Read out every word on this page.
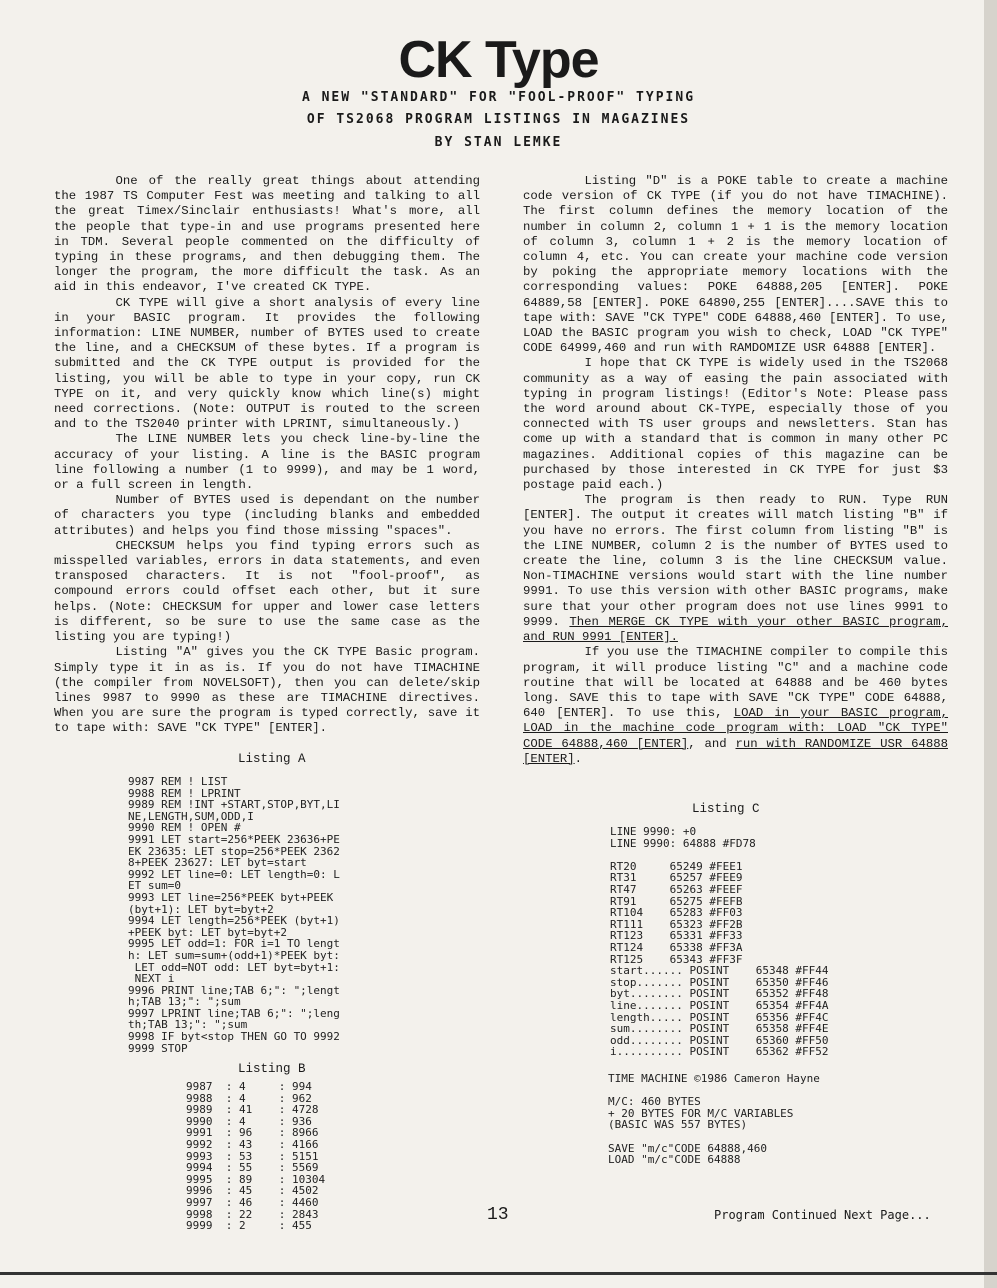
CK Type

A NEW "STANDARD" FOR "FOOL-PROOF" TYPING

OF TS2068 PROGRAM LISTINGS IN MAGAZINES

BY STAN LEMKE

One of the really great things about attending the 1987 TS Computer Fest was meeting and talking to all the great Timex/Sinclair enthusiasts! What's more, all the people that type-in and use programs presented here in TDM. Several people commented on the difficulty of typing in these programs, and then debugging them. The longer the program, the more difficult the task. As an aid in this endeavor, I've created CK TYPE.

CK TYPE will give a short analysis of every line in your BASIC program. It provides the following information: LINE NUMBER, number of BYTES used to create the line, and a CHECKSUM of these bytes. If a program is submitted and the CK TYPE output is provided for the listing, you will be able to type in your copy, run CK TYPE on it, and very quickly know which line(s) might need corrections. (Note: OUTPUT is routed to the screen and to the TS2040 printer with LPRINT, simultaneously.)

The LINE NUMBER lets you check line-by-line the accuracy of your listing. A line is the BASIC program line following a number (1 to 9999), and may be 1 word, or a full screen in length.

Number of BYTES used is dependant on the number of characters you type (including blanks and embedded attributes) and helps you find those missing "spaces".

CHECKSUM helps you find typing errors such as misspelled variables, errors in data statements, and even transposed characters. It is not "fool-proof", as compound errors could offset each other, but it sure helps. (Note: CHECKSUM for upper and lower case letters is different, so be sure to use the same case as the listing you are typing!)

Listing "A" gives you the CK TYPE Basic program. Simply type it in as is. If you do not have TIMACHINE (the compiler from NOVELSOFT), then you can delete/skip lines 9987 to 9990 as these are TIMACHINE directives. When you are sure the program is typed correctly, save it to tape with: SAVE "CK TYPE" [ENTER].

Listing "D" is a POKE table to create a machine code version of CK TYPE (if you do not have TIMACHINE). The first column defines the memory location of the number in column 2, column 1 + 1 is the memory location of column 3, column 1 + 2 is the memory location of column 4, etc. You can create your machine code version by poking the appropriate memory locations with the corresponding values: POKE 64888,205 [ENTER]. POKE 64889,58 [ENTER]. POKE 64890,255 [ENTER]....SAVE this to tape with: SAVE "CK TYPE" CODE 64888,460 [ENTER]. To use, LOAD the BASIC program you wish to check, LOAD "CK TYPE" CODE 64999,460 and run with RAMDOMIZE USR 64888 [ENTER].

I hope that CK TYPE is widely used in the TS2068 community as a way of easing the pain associated with typing in program listings! (Editor's Note: Please pass the word around about CK-TYPE, especially those of you connected with TS user groups and newsletters. Stan has come up with a standard that is common in many other PC magazines. Additional copies of this magazine can be purchased by those interested in CK TYPE for just $3 postage paid each.)

The program is then ready to RUN. Type RUN [ENTER]. The output it creates will match listing "B" if you have no errors. The first column from listing "B" is the LINE NUMBER, column 2 is the number of BYTES used to create the line, column 3 is the line CHECKSUM value. Non-TIMACHINE versions would start with the line number 9991. To use this version with other BASIC programs, make sure that your other program does not use lines 9991 to 9999. Then MERGE CK TYPE with your other BASIC program, and RUN 9991 [ENTER].

If you use the TIMACHINE compiler to compile this program, it will produce listing "C" and a machine code routine that will be located at 64888 and be 460 bytes long. SAVE this to tape with SAVE "CK TYPE" CODE 64888, 640 [ENTER]. To use this, LOAD in your BASIC program, LOAD in the machine code program with: LOAD "CK TYPE" CODE 64888,460 [ENTER], and run with RANDOMIZE USR 64888 [ENTER].

Listing A

9987 REM ! LIST
9988 REM ! LPRINT
9989 REM !INT +START,STOP,BYT,LI
NE,LENGTH,SUM,ODD,I
9990 REM ! OPEN #
9991 LET start=256*PEEK 23636+PE
EK 23635: LET stop=256*PEEK 2362
8+PEEK 23627: LET byt=start
9992 LET line=0: LET length=0: L
ET sum=0
9993 LET line=256*PEEK byt+PEEK
(byt+1): LET byt=byt+2
9994 LET length=256*PEEK (byt+1)
+PEEK byt: LET byt=byt+2
9995 LET odd=1: FOR i=1 TO lengt
h: LET sum=sum+(odd+1)*PEEK byt:
LET odd=NOT odd: LET byt=byt+1:
NEXT i
9996 PRINT line;TAB 6;": ";lengt
h;TAB 13;": ";sum
9997 LPRINT line;TAB 6;": ";leng
th;TAB 13;": ";sum
9998 IF byt<stop THEN GO TO 9992
9999 STOP

Listing B

9987  : 4     : 994
9988  : 4     : 962
9989  : 41    : 4728
9990  : 4     : 936
9991  : 96    : 8966
9992  : 43    : 4166
9993  : 53    : 5151
9994  : 55    : 5569
9995  : 89    : 10304
9996  : 45    : 4502
9997  : 46    : 4460
9998  : 22    : 2843
9999  : 2     : 455

Listing C

LINE 9990: +0
LINE 9990: 64888 #FD78

RT20     65249 #FEE1
RT31     65257 #FEE9
RT47     65263 #FEEF
RT91     65275 #FEFB
RT104    65283 #FF03
RT111    65323 #FF2B
RT123    65331 #FF33
RT124    65338 #FF3A
RT125    65343 #FF3F
start...... POSINT    65348 #FF44
stop....... POSINT    65350 #FF46
byt........ POSINT    65352 #FF48
line....... POSINT    65354 #FF4A
length..... POSINT    65356 #FF4C
sum........ POSINT    65358 #FF4E
odd........ POSINT    65360 #FF50
i.......... POSINT    65362 #FF52
TIME MACHINE ©1986 Cameron Hayne

M/C: 460 BYTES
+ 20 BYTES FOR M/C VARIABLES
(BASIC WAS 557 BYTES)

SAVE "m/c"CODE 64888,460
LOAD "m/c"CODE 64888

13	Program Continued Next Page...
